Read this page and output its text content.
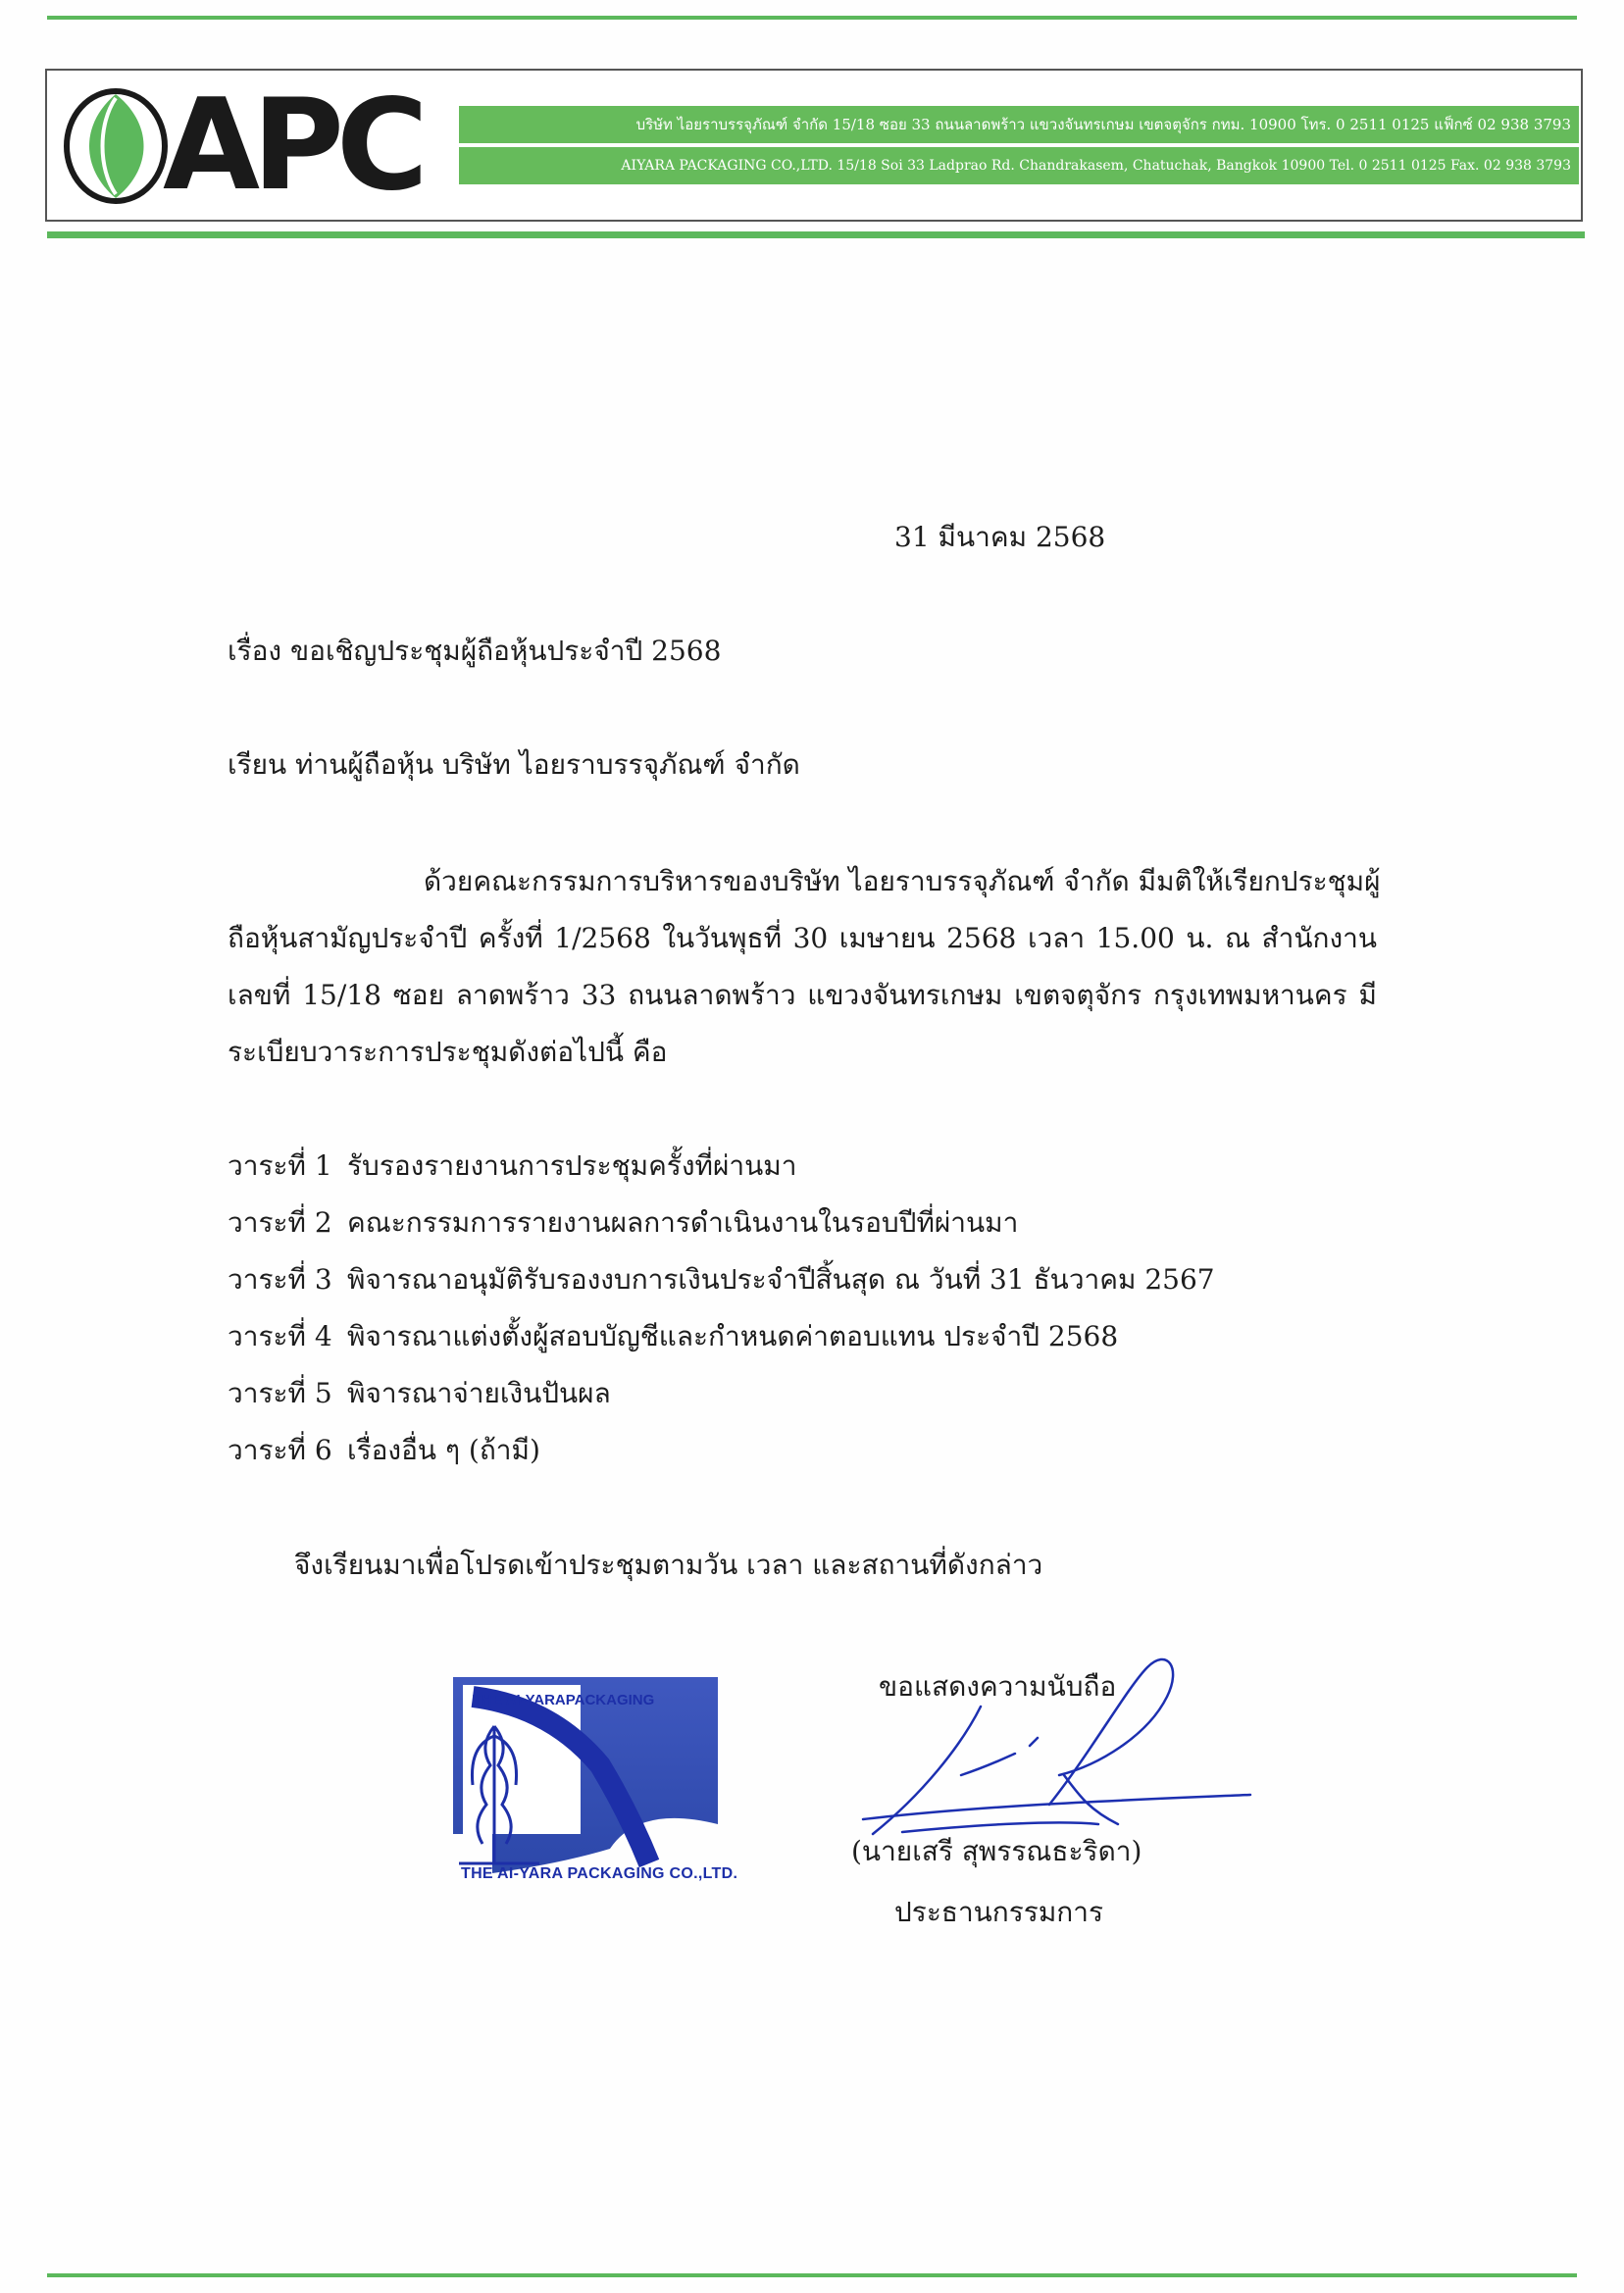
APC	บริษัท ไอยราบรรจุภัณฑ์ จำกัด 15/18 ซอย 33 ถนนลาดพร้าว แขวงจันทรเกษม เขตจตุจักร กทม. 10900 โทร. 0 2511 0125 แฟ็กซ์ 02 938 3793
AIYARA PACKAGING CO.,LTD. 15/18 Soi 33 Ladprao Rd. Chandrakasem, Chatuchak, Bangkok 10900 Tel. 0 2511 0125 Fax. 02 938 3793
31 มีนาคม 2568
เรื่อง ขอเชิญประชุมผู้ถือหุ้นประจำปี 2568
เรียน ท่านผู้ถือหุ้น บริษัท ไอยราบรรจุภัณฑ์ จำกัด
ด้วยคณะกรรมการบริหารของบริษัท ไอยราบรรจุภัณฑ์ จำกัด มีมติให้เรียกประชุมผู้
ถือหุ้นสามัญประจำปี ครั้งที่ 1/2568 ในวันพุธที่ 30 เมษายน 2568 เวลา 15.00 น. ณ สำนักงาน
เลขที่ 15/18 ซอย ลาดพร้าว 33 ถนนลาดพร้าว แขวงจันทรเกษม เขตจตุจักร กรุงเทพมหานคร มี
ระเบียบวาระการประชุมดังต่อไปนี้ คือ
วาระที่ 1 รับรองรายงานการประชุมครั้งที่ผ่านมา
วาระที่ 2 คณะกรรมการรายงานผลการดำเนินงานในรอบปีที่ผ่านมา
วาระที่ 3 พิจารณาอนุมัติรับรองงบการเงินประจำปีสิ้นสุด ณ วันที่ 31 ธันวาคม 2567
วาระที่ 4 พิจารณาแต่งตั้งผู้สอบบัญชีและกำหนดค่าตอบแทน ประจำปี 2568
วาระที่ 5 พิจารณาจ่ายเงินปันผล
วาระที่ 6 เรื่องอื่น ๆ (ถ้ามี)
จึงเรียนมาเพื่อโปรดเข้าประชุมตามวัน เวลา และสถานที่ดังกล่าว
THE AI-YARAPACKAGING
THE AI-YARA PACKAGING CO.,LTD.
ขอแสดงความนับถือ
(นายเสรี สุพรรณธะริดา)
ประธานกรรมการ
